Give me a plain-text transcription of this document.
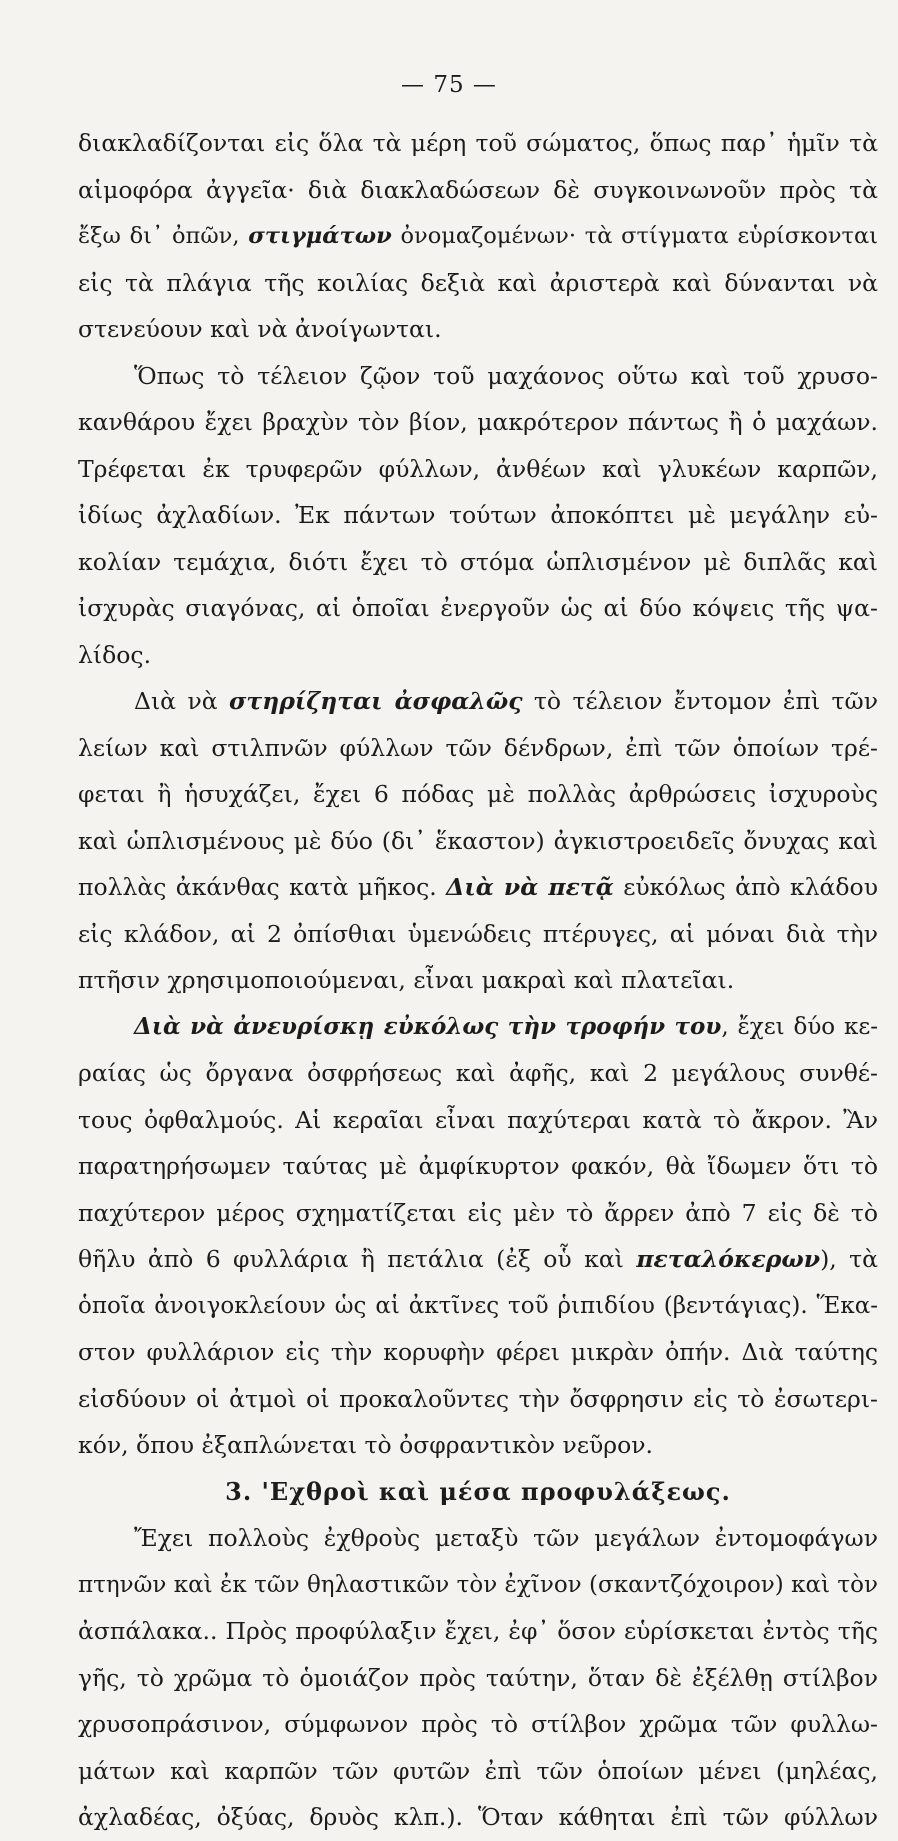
— 75 —
διακλαδίζονται εἰς ὅλα τὰ μέρη τοῦ σώματος, ὅπως παρ᾿ ἡμῖν τὰ
αἱμοφόρα ἀγγεῖα· διὰ διακλαδώσεων δὲ συγκοινωνοῦν πρὸς τὰ
ἔξω δι᾿ ὀπῶν, στιγμάτων ὀνομαζομένων· τὰ στίγματα εὑρίσκονται
εἰς τὰ πλάγια τῆς κοιλίας δεξιὰ καὶ ἀριστερὰ καὶ δύνανται νὰ
στενεύουν καὶ νὰ ἀνοίγωνται.
Ὅπως τὸ τέλειον ζῷον τοῦ μαχάονος οὕτω καὶ τοῦ χρυσο-
κανθάρου ἔχει βραχὺν τὸν βίον, μακρότερον πάντως ἢ ὁ μαχάων.
Τρέφεται ἐκ τρυφερῶν φύλλων, ἀνθέων καὶ γλυκέων καρπῶν,
ἰδίως ἀχλαδίων. Ἐκ πάντων τούτων ἀποκόπτει μὲ μεγάλην εὐ-
κολίαν τεμάχια, διότι ἔχει τὸ στόμα ὡπλισμένον μὲ διπλᾶς καὶ
ἰσχυρὰς σιαγόνας, αἱ ὁποῖαι ἐνεργοῦν ὡς αἱ δύο κόψεις τῆς ψα-
λίδος.
Διὰ νὰ στηρίζηται ἀσφαλῶς τὸ τέλειον ἔντομον ἐπὶ τῶν
λείων καὶ στιλπνῶν φύλλων τῶν δένδρων, ἐπὶ τῶν ὁποίων τρέ-
φεται ἢ ἡσυχάζει, ἔχει 6 πόδας μὲ πολλὰς ἀρθρώσεις ἰσχυροὺς
καὶ ὡπλισμένους μὲ δύο (δι᾿ ἕκαστον) ἀγκιστροειδεῖς ὄνυχας καὶ
πολλὰς ἀκάνθας κατὰ μῆκος. Διὰ νὰ πετᾷ εὐκόλως ἀπὸ κλάδου
εἰς κλάδον, αἱ 2 ὀπίσθιαι ὑμενώδεις πτέρυγες, αἱ μόναι διὰ τὴν
πτῆσιν χρησιμοποιούμεναι, εἶναι μακραὶ καὶ πλατεῖαι.
Διὰ νὰ ἀνευρίσκῃ εὐκόλως τὴν τροφήν του, ἔχει δύο κε-
ραίας ὡς ὄργανα ὀσφρήσεως καὶ ἀφῆς, καὶ 2 μεγάλους συνθέ-
τους ὀφθαλμούς. Αἱ κεραῖαι εἶναι παχύτεραι κατὰ τὸ ἄκρον. Ἂν
παρατηρήσωμεν ταύτας μὲ ἀμφίκυρτον φακόν, θὰ ἴδωμεν ὅτι τὸ
παχύτερον μέρος σχηματίζεται εἰς μὲν τὸ ἄρρεν ἀπὸ 7 εἰς δὲ τὸ
θῆλυ ἀπὸ 6 φυλλάρια ἢ πετάλια (ἐξ οὗ καὶ πεταλόκερων), τὰ
ὁποῖα ἀνοιγοκλείουν ὡς αἱ ἀκτῖνες τοῦ ῥιπιδίου (βεντάγιας). Ἕκα-
στον φυλλάριον εἰς τὴν κορυφὴν φέρει μικρὰν ὀπήν. Διὰ ταύτης
εἰσδύουν οἱ ἀτμοὶ οἱ προκαλοῦντες τὴν ὄσφρησιν εἰς τὸ ἐσωτερι-
κόν, ὅπου ἐξαπλώνεται τὸ ὀσφραντικὸν νεῦρον.
3. 'Εχθροὶ καὶ μέσα προφυλάξεως.
Ἔχει πολλοὺς ἐχθροὺς μεταξὺ τῶν μεγάλων ἐντομοφάγων
πτηνῶν καὶ ἐκ τῶν θηλαστικῶν τὸν ἐχῖνον (σκαντζόχοιρον) καὶ τὸν
ἀσπάλακα.. Πρὸς προφύλαξιν ἔχει, ἐφ᾿ ὅσον εὑρίσκεται ἐντὸς τῆς
γῆς, τὸ χρῶμα τὸ ὁμοιάζον πρὸς ταύτην, ὅταν δὲ ἐξέλθῃ στίλβον
χρυσοπράσινον, σύμφωνον πρὸς τὸ στίλβον χρῶμα τῶν φυλλω-
μάτων καὶ καρπῶν τῶν φυτῶν ἐπὶ τῶν ὁποίων μένει (μηλέας,
ἀχλαδέας, ὀξύας, δρυὸς κλπ.). Ὅταν κάθηται ἐπὶ τῶν φύλλων
